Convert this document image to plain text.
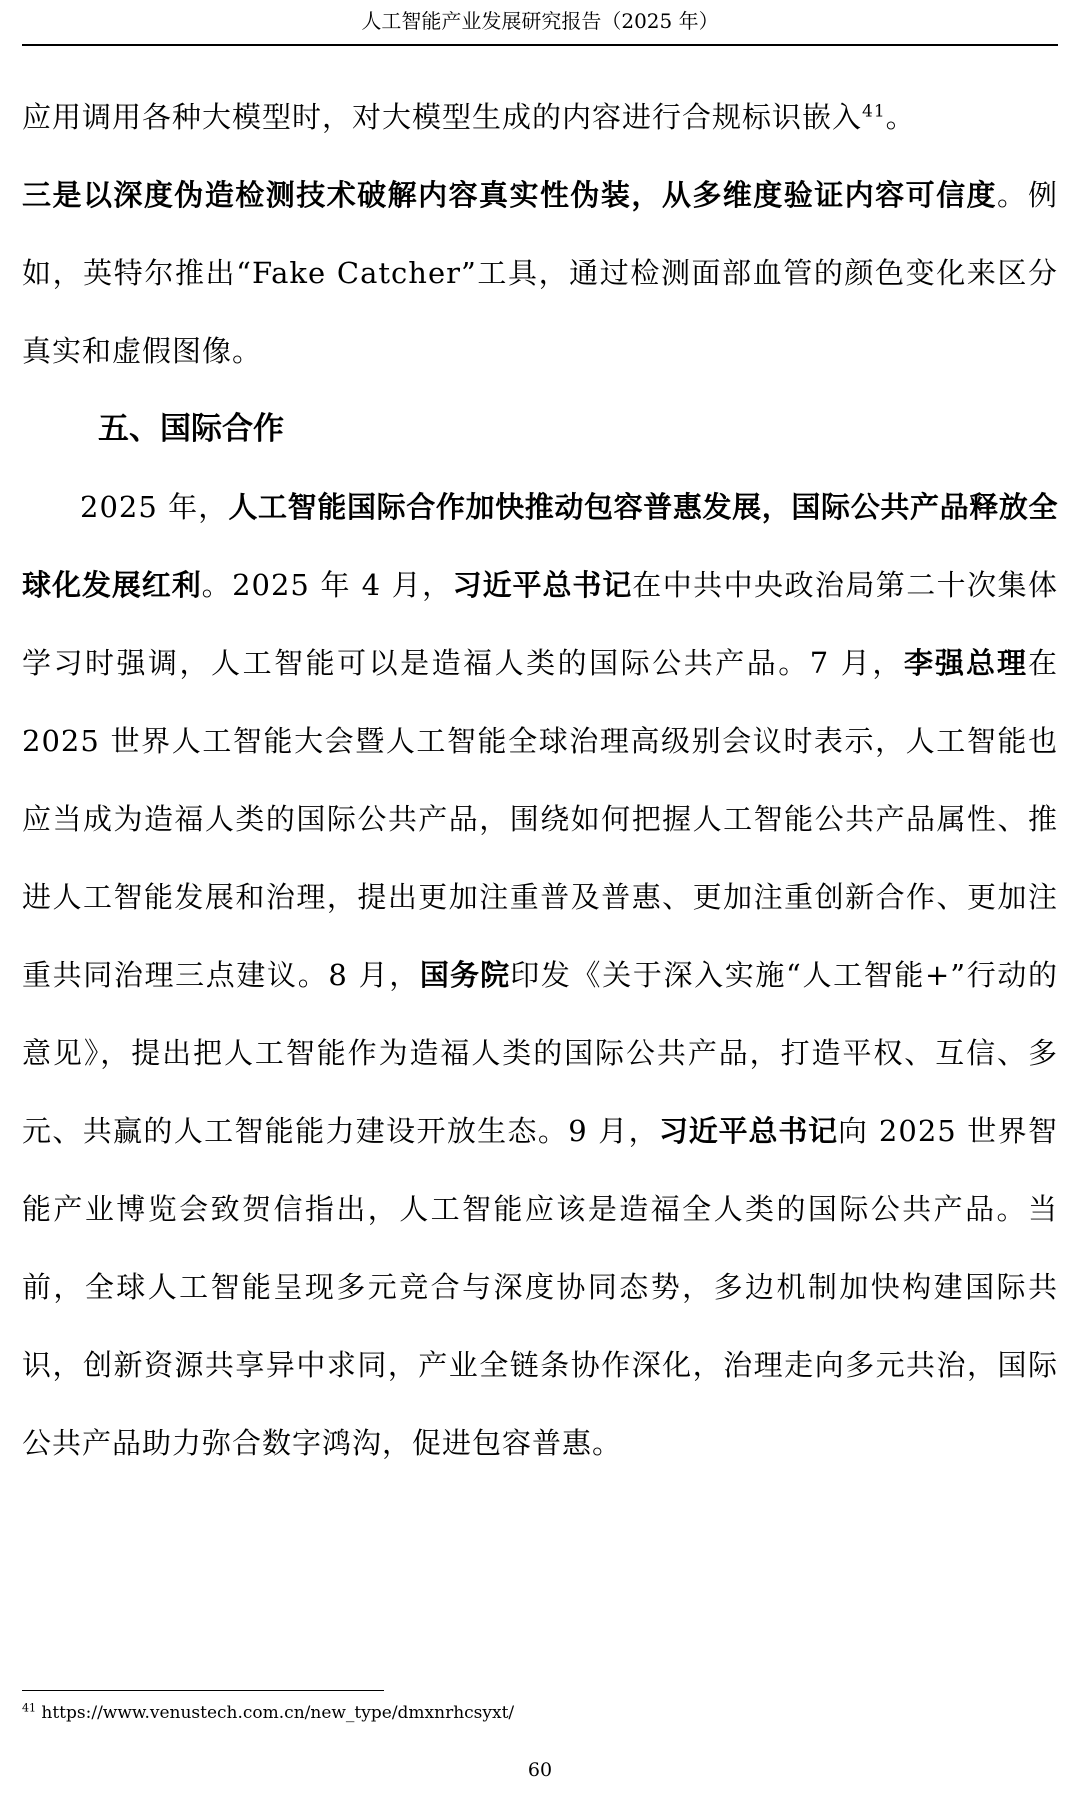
人工智能产业发展研究报告（2025 年）

应用调用各种大模型时，对大模型生成的内容进行合规标识嵌入$^{41}$。

三是以深度伪造检测技术破解内容真实性伪装，从多维度验证内容可信度。例如，英特尔推出“Fake Catcher”工具，通过检测面部血管的颜色变化来区分真实和虚假图像。

五、国际合作

2025 年，人工智能国际合作加快推动包容普惠发展，国际公共产品释放全球化发展红利。2025 年 4 月，习近平总书记在中共中央政治局第二十次集体学习时强调，人工智能可以是造福人类的国际公共产品。7 月，李强总理在 2025 世界人工智能大会暨人工智能全球治理高级别会议时表示，人工智能也应当成为造福人类的国际公共产品，围绕如何把握人工智能公共产品属性、推进人工智能发展和治理，提出更加注重普及普惠、更加注重创新合作、更加注重共同治理三点建议。8 月，国务院印发《关于深入实施“人工智能+”行动的意见》，提出把人工智能作为造福人类的国际公共产品，打造平权、互信、多元、共赢的人工智能能力建设开放生态。9 月，习近平总书记向 2025 世界智能产业博览会致贺信指出，人工智能应该是造福全人类的国际公共产品。当前，全球人工智能呈现多元竞合与深度协同态势，多边机制加快构建国际共识，创新资源共享异中求同，产业全链条协作深化，治理走向多元共治，国际公共产品助力弥合数字鸿沟，促进包容普惠。

$^{41}$ https://www.venustech.com.cn/new_type/dmxnrhcsyxt/
60
